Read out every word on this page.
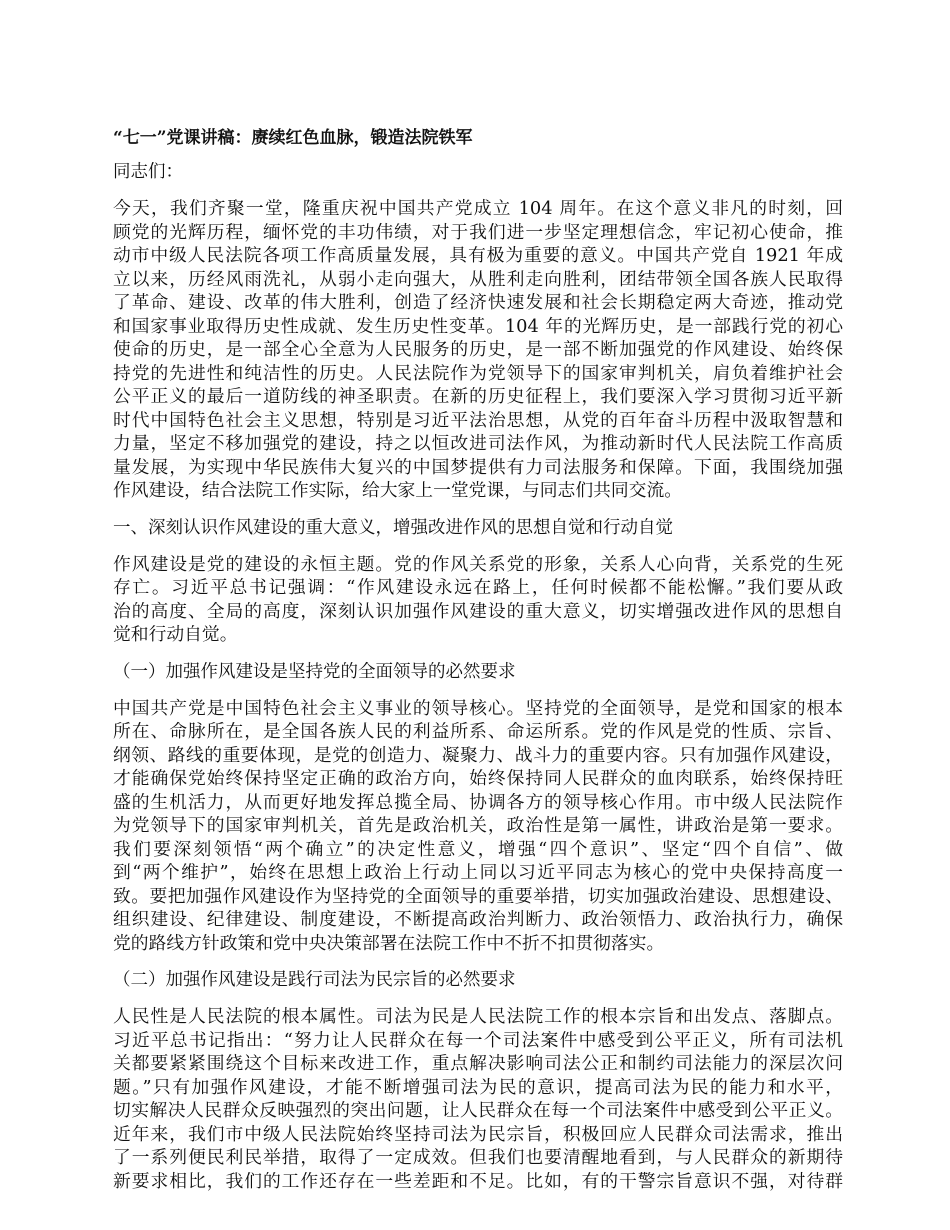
“七一”党课讲稿：赓续红色血脉，锻造法院铁军
同志们：
今天，我们齐聚一堂，隆重庆祝中国共产党成立 104 周年。在这个意义非凡的时刻，回
顾党的光辉历程，缅怀党的丰功伟绩，对于我们进一步坚定理想信念，牢记初心使命，推
动市中级人民法院各项工作高质量发展，具有极为重要的意义。中国共产党自 1921 年成
立以来，历经风雨洗礼，从弱小走向强大，从胜利走向胜利，团结带领全国各族人民取得
了革命、建设、改革的伟大胜利，创造了经济快速发展和社会长期稳定两大奇迹，推动党
和国家事业取得历史性成就、发生历史性变革。104 年的光辉历史，是一部践行党的初心
使命的历史，是一部全心全意为人民服务的历史，是一部不断加强党的作风建设、始终保
持党的先进性和纯洁性的历史。人民法院作为党领导下的国家审判机关，肩负着维护社会
公平正义的最后一道防线的神圣职责。在新的历史征程上，我们要深入学习贯彻习近平新
时代中国特色社会主义思想，特别是习近平法治思想，从党的百年奋斗历程中汲取智慧和
力量，坚定不移加强党的建设，持之以恒改进司法作风，为推动新时代人民法院工作高质
量发展，为实现中华民族伟大复兴的中国梦提供有力司法服务和保障。下面，我围绕加强
作风建设，结合法院工作实际，给大家上一堂党课，与同志们共同交流。
一、深刻认识作风建设的重大意义，增强改进作风的思想自觉和行动自觉
作风建设是党的建设的永恒主题。党的作风关系党的形象，关系人心向背，关系党的生死
存亡。习近平总书记强调：“作风建设永远在路上，任何时候都不能松懈。”我们要从政
治的高度、全局的高度，深刻认识加强作风建设的重大意义，切实增强改进作风的思想自
觉和行动自觉。
（一）加强作风建设是坚持党的全面领导的必然要求
中国共产党是中国特色社会主义事业的领导核心。坚持党的全面领导，是党和国家的根本
所在、命脉所在，是全国各族人民的利益所系、命运所系。党的作风是党的性质、宗旨、
纲领、路线的重要体现，是党的创造力、凝聚力、战斗力的重要内容。只有加强作风建设，
才能确保党始终保持坚定正确的政治方向，始终保持同人民群众的血肉联系，始终保持旺
盛的生机活力，从而更好地发挥总揽全局、协调各方的领导核心作用。市中级人民法院作
为党领导下的国家审判机关，首先是政治机关，政治性是第一属性，讲政治是第一要求。
我们要深刻领悟“两个确立”的决定性意义，增强“四个意识”、坚定“四个自信”、做
到“两个维护”，始终在思想上政治上行动上同以习近平同志为核心的党中央保持高度一
致。要把加强作风建设作为坚持党的全面领导的重要举措，切实加强政治建设、思想建设、
组织建设、纪律建设、制度建设，不断提高政治判断力、政治领悟力、政治执行力，确保
党的路线方针政策和党中央决策部署在法院工作中不折不扣贯彻落实。
（二）加强作风建设是践行司法为民宗旨的必然要求
人民性是人民法院的根本属性。司法为民是人民法院工作的根本宗旨和出发点、落脚点。
习近平总书记指出：“努力让人民群众在每一个司法案件中感受到公平正义，所有司法机
关都要紧紧围绕这个目标来改进工作，重点解决影响司法公正和制约司法能力的深层次问
题。”只有加强作风建设，才能不断增强司法为民的意识，提高司法为民的能力和水平，
切实解决人民群众反映强烈的突出问题，让人民群众在每一个司法案件中感受到公平正义。
近年来，我们市中级人民法院始终坚持司法为民宗旨，积极回应人民群众司法需求，推出
了一系列便民利民举措，取得了一定成效。但我们也要清醒地看到，与人民群众的新期待
新要求相比，我们的工作还存在一些差距和不足。比如，有的干警宗旨意识不强，对待群
